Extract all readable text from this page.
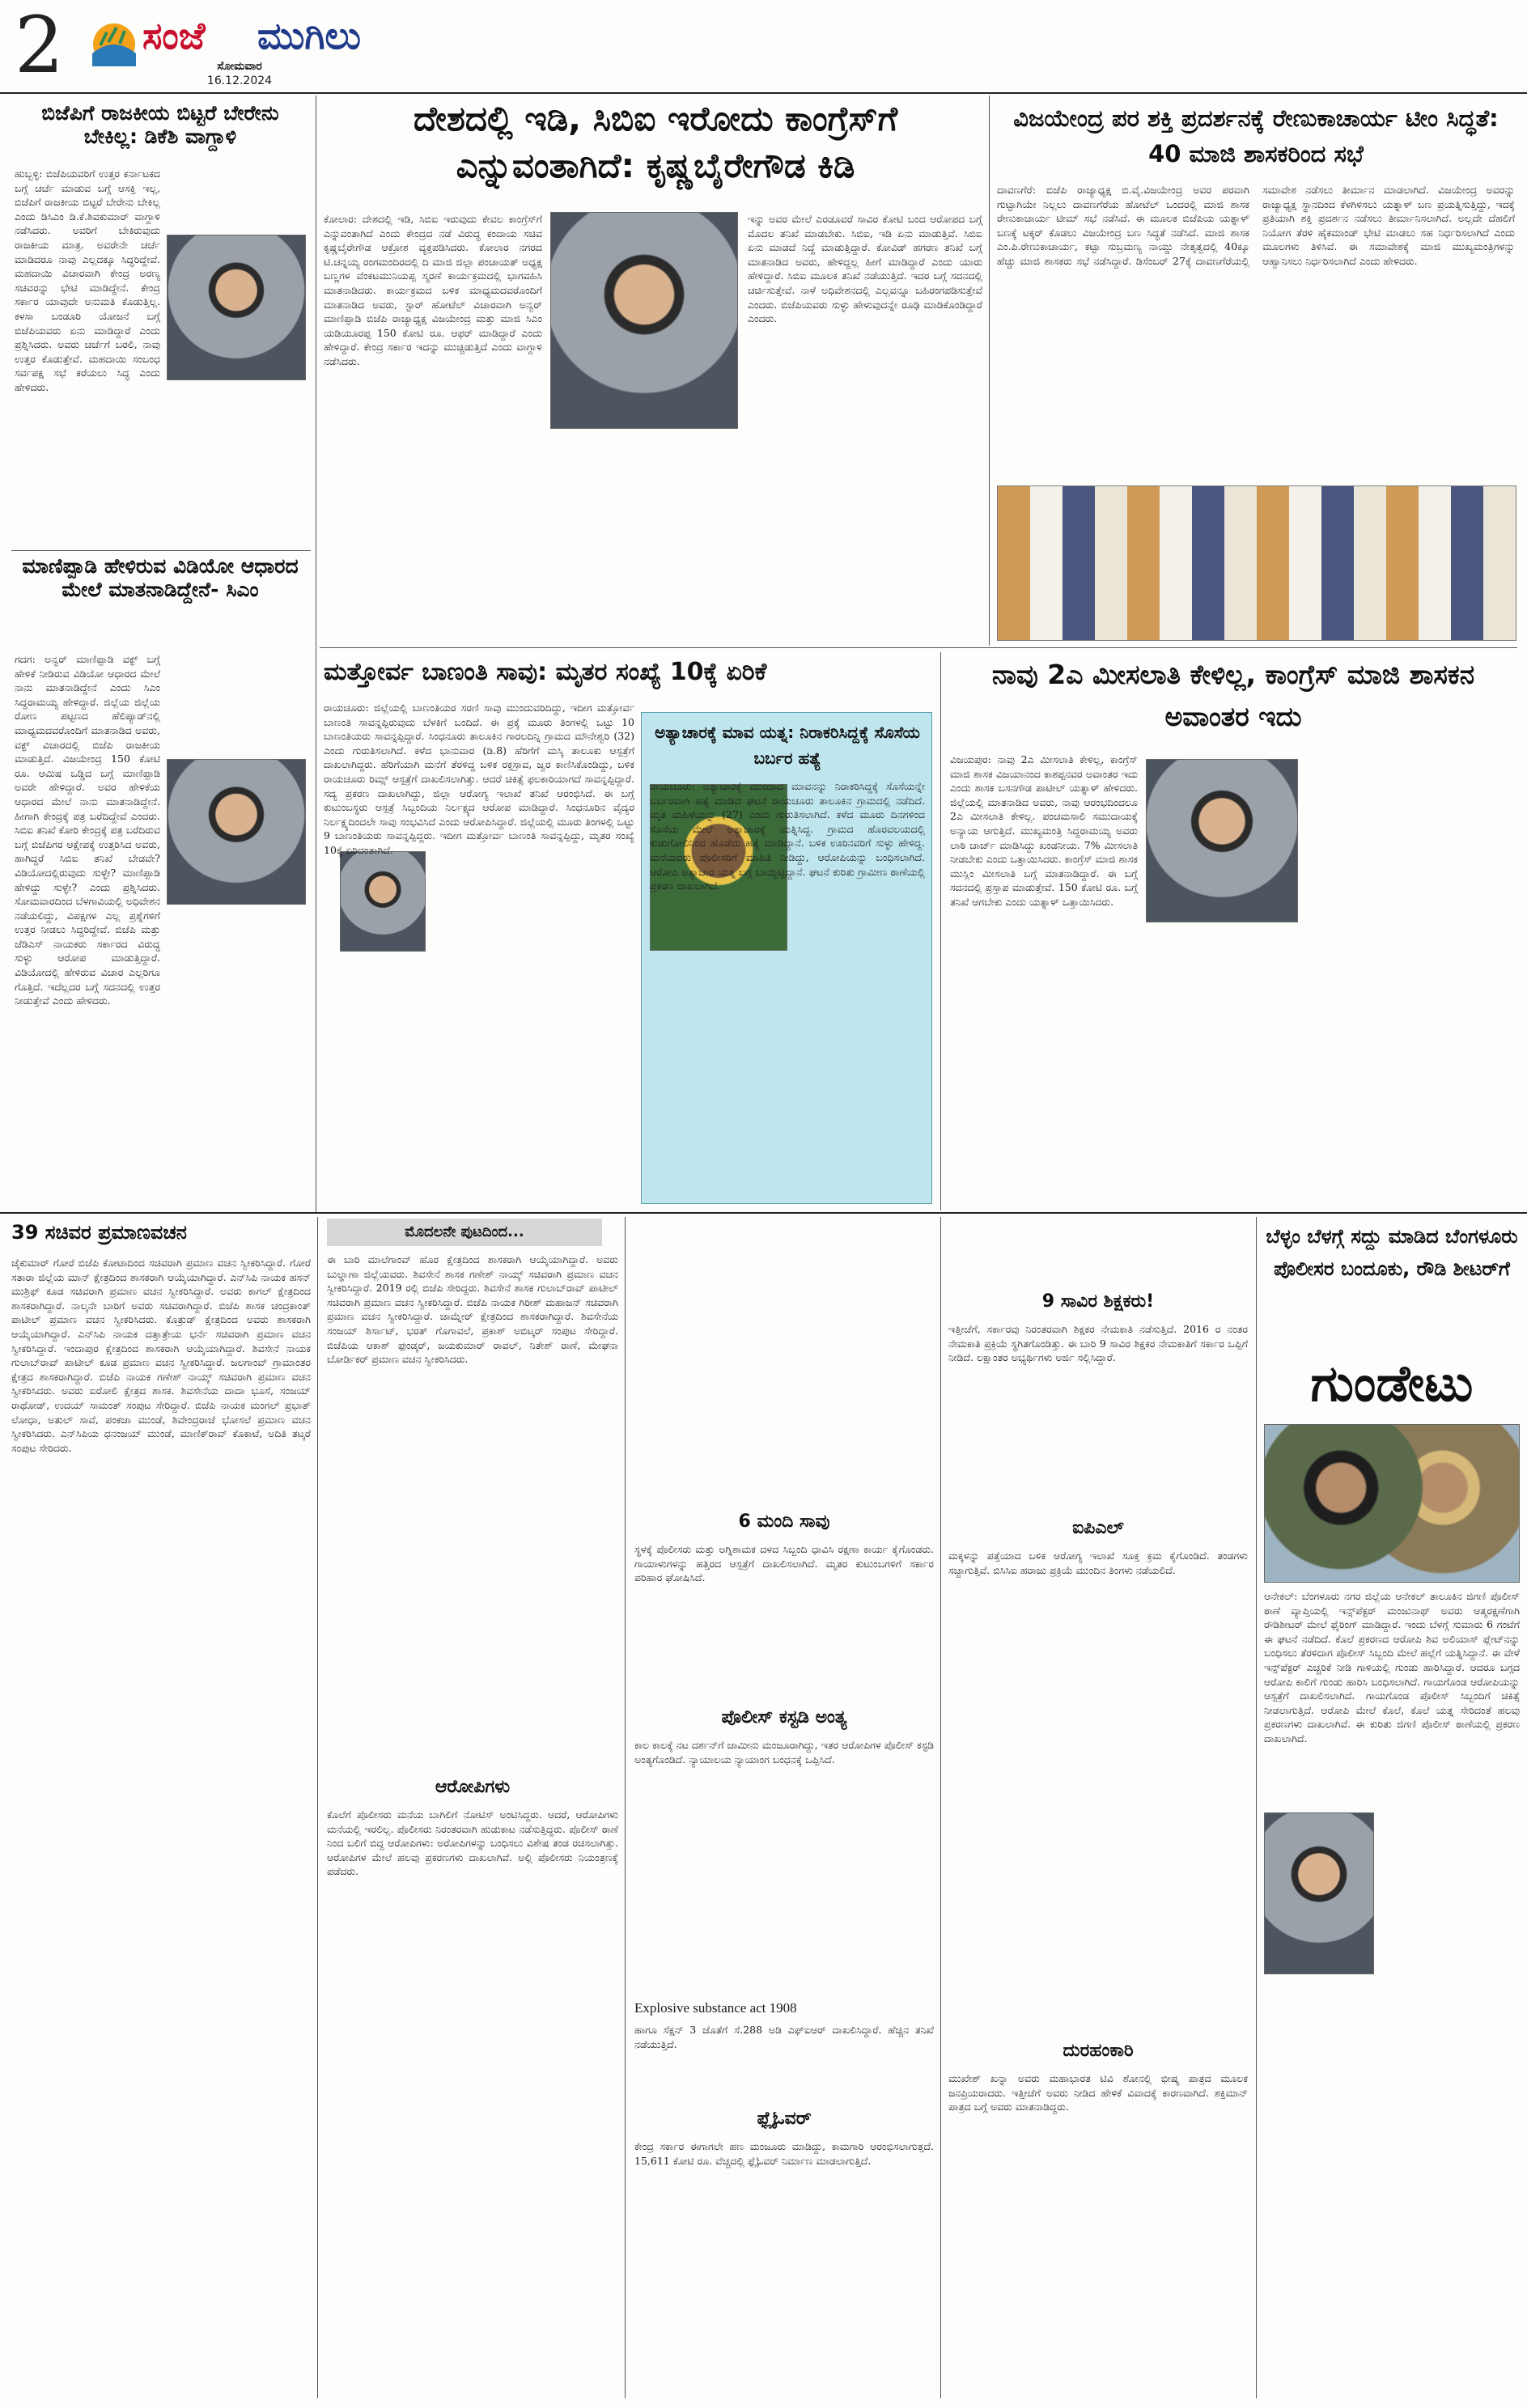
2 ಸಂಜೆ	ಮುಗಿಲು
ಸೋಮವಾರ
16.12.2024
ಬಿಜೆಪಿಗೆ ರಾಜಕೀಯ ಬಿಟ್ಟರೆ ಬೇರೇನು ಬೇಕಿಲ್ಲ: ಡಿಕೆಶಿ ವಾಗ್ದಾಳಿ
ಹುಬ್ಬಳ್ಳಿ: ಬಿಜೆಪಿಯವರಿಗೆ ಉತ್ತರ ಕರ್ನಾಟಕದ ಬಗ್ಗೆ ಚರ್ಚೆ ಮಾಡುವ ಬಗ್ಗೆ ಆಸಕ್ತಿ ಇಲ್ಲ, ಬಿಜೆಪಿಗೆ ರಾಜಕೀಯ ಬಿಟ್ಟರೆ ಬೇರೇನು ಬೇಕಿಲ್ಲ ಎಂದು ಡಿಸಿಎಂ ಡಿ.ಕೆ.ಶಿವಕುಮಾರ್ ವಾಗ್ದಾಳಿ ನಡೆಸಿದರು. ಅವರಿಗೆ ಬೇಕಿರುವುದು ರಾಜಕೀಯ ಮಾತ್ರ. ಅವರೇನೇ ಚರ್ಚೆ ಮಾಡಿದರೂ ನಾವು ಎಲ್ಲದಕ್ಕೂ ಸಿದ್ಧರಿದ್ದೇವೆ. ಮಹದಾಯಿ ವಿಚಾರವಾಗಿ ಕೇಂದ್ರ ಅರಣ್ಯ ಸಚಿವರನ್ನು ಭೇಟಿ ಮಾಡಿದ್ದೇನೆ. ಕೇಂದ್ರ ಸರ್ಕಾರ ಯಾವುದೇ ಅನುಮತಿ ಕೊಡುತ್ತಿಲ್ಲ. ಕಳಸಾ ಬಂಡೂರಿ ಯೋಜನೆ ಬಗ್ಗೆ ಬಿಜೆಪಿಯವರು ಏನು ಮಾಡಿದ್ದಾರೆ ಎಂದು ಪ್ರಶ್ನಿಸಿದರು. ಅವರು ಚರ್ಚೆಗೆ ಬರಲಿ, ನಾವು ಉತ್ತರ ಕೊಡುತ್ತೇವೆ. ಮಹದಾಯಿ ಸಂಬಂಧ ಸರ್ವಪಕ್ಷ ಸಭೆ ಕರೆಯಲು ಸಿದ್ಧ ಎಂದು ಹೇಳಿದರು.
ಮಾಣಿಪ್ಪಾಡಿ ಹೇಳಿರುವ ವಿಡಿಯೋ ಆಧಾರದ ಮೇಲೆ ಮಾತನಾಡಿದ್ದೇನೆ- ಸಿಎಂ
ಗದಗ: ಅನ್ವರ್ ಮಾಣಿಪ್ಪಾಡಿ ವಕ್ಫ್ ಬಗ್ಗೆ ಹೇಳಿಕೆ ನೀಡಿರುವ ವಿಡಿಯೋ ಆಧಾರದ ಮೇಲೆ ನಾನು ಮಾತನಾಡಿದ್ದೇನೆ ಎಂದು ಸಿಎಂ ಸಿದ್ದರಾಮಯ್ಯ ಹೇಳಿದ್ದಾರೆ. ಜಿಲ್ಲೆಯ ಜಿಲ್ಲೆಯ ರೋಣ ಪಟ್ಟಣದ ಹೆಲಿಪ್ಯಾಡ್‌ನಲ್ಲಿ ಮಾಧ್ಯಮದವರೊಂದಿಗೆ ಮಾತನಾಡಿದ ಅವರು, ವಕ್ಫ್ ವಿಚಾರದಲ್ಲಿ ಬಿಜೆಪಿ ರಾಜಕೀಯ ಮಾಡುತ್ತಿದೆ. ವಿಜಯೇಂದ್ರ 150 ಕೋಟಿ ರೂ. ಆಮಿಷ ಒಡ್ಡಿದ ಬಗ್ಗೆ ಮಾಣಿಪ್ಪಾಡಿ ಅವರೇ ಹೇಳಿದ್ದಾರೆ. ಅವರ ಹೇಳಿಕೆಯ ಆಧಾರದ ಮೇಲೆ ನಾನು ಮಾತನಾಡಿದ್ದೇನೆ. ಹೀಗಾಗಿ ಕೇಂದ್ರಕ್ಕೆ ಪತ್ರ ಬರೆದಿದ್ದೇವೆ ಎಂದರು. ಸಿಬಿಐ ತನಿಖೆ ಕೋರಿ ಕೇಂದ್ರಕ್ಕೆ ಪತ್ರ ಬರೆದಿರುವ ಬಗ್ಗೆ ಬಿಜೆಪಿಗರ ಆಕ್ಷೇಪಕ್ಕೆ ಉತ್ತರಿಸಿದ ಅವರು, ಹಾಗಿದ್ದರೆ ಸಿಬಿಐ ತನಿಖೆ ಬೇಡವೇ? ವಿಡಿಯೋದಲ್ಲಿರುವುದು ಸುಳ್ಳೇ? ಮಾಣಿಪ್ಪಾಡಿ ಹೇಳಿದ್ದು ಸುಳ್ಳೇ? ಎಂದು ಪ್ರಶ್ನಿಸಿದರು. ಸೋಮವಾರದಿಂದ ಬೆಳಗಾವಿಯಲ್ಲಿ ಅಧಿವೇಶನ ನಡೆಯಲಿದ್ದು, ವಿಪಕ್ಷಗಳ ಎಲ್ಲ ಪ್ರಶ್ನೆಗಳಿಗೆ ಉತ್ತರ ನೀಡಲು ಸಿದ್ಧರಿದ್ದೇವೆ. ಬಿಜೆಪಿ ಮತ್ತು ಜೆಡಿಎಸ್ ನಾಯಕರು ಸರ್ಕಾರದ ವಿರುದ್ಧ ಸುಳ್ಳು ಆರೋಪ ಮಾಡುತ್ತಿದ್ದಾರೆ. ವಿಡಿಯೋದಲ್ಲಿ ಹೇಳಿರುವ ವಿಚಾರ ಎಲ್ಲರಿಗೂ ಗೊತ್ತಿದೆ. ಇದೆಲ್ಲದರ ಬಗ್ಗೆ ಸದನದಲ್ಲಿ ಉತ್ತರ ನೀಡುತ್ತೇವೆ ಎಂದು ಹೇಳಿದರು.
ದೇಶದಲ್ಲಿ ಇಡಿ, ಸಿಬಿಐ ಇರೋದು ಕಾಂಗ್ರೆಸ್‌ಗೆ ಎನ್ನುವಂತಾಗಿದೆ: ಕೃಷ್ಣಬೈರೇಗೌಡ ಕಿಡಿ
ಕೋಲಾರ: ದೇಶದಲ್ಲಿ ಇಡಿ, ಸಿಬಿಐ ಇರುವುದು ಕೇವಲ ಕಾಂಗ್ರೆಸ್‌ಗೆ ಎನ್ನುವಂತಾಗಿದೆ ಎಂದು ಕೇಂದ್ರದ ನಡೆ ವಿರುದ್ಧ ಕಂದಾಯ ಸಚಿವ ಕೃಷ್ಣಬೈರೇಗೌಡ ಆಕ್ರೋಶ ವ್ಯಕ್ತಪಡಿಸಿದರು. ಕೋಲಾರ ನಗರದ ಟಿ.ಚನ್ನಯ್ಯ ರಂಗಮಂದಿರದಲ್ಲಿ ದಿ ಮಾಜಿ ಜಿಲ್ಲಾ ಪಂಚಾಯತ್ ಅಧ್ಯಕ್ಷ ಬಣ್ಣಗಳ ವೆಂಕಟಮುನಿಯಪ್ಪ ಸ್ಮರಣೆ ಕಾರ್ಯಕ್ರಮದಲ್ಲಿ ಭಾಗವಹಿಸಿ ಮಾತನಾಡಿದರು. ಕಾರ್ಯಕ್ರಮದ ಬಳಿಕ ಮಾಧ್ಯಮದವರೊಂದಿಗೆ ಮಾತನಾಡಿದ ಅವರು, ಸ್ಟಾರ್ ಹೋಟೆಲ್ ವಿಚಾರವಾಗಿ ಅನ್ವರ್ ಮಾಣಿಪ್ಪಾಡಿ ಬಿಜೆಪಿ ರಾಜ್ಯಾಧ್ಯಕ್ಷ ವಿಜಯೇಂದ್ರ ಮತ್ತು ಮಾಜಿ ಸಿಎಂ ಯಡಿಯೂರಪ್ಪ 150 ಕೋಟಿ ರೂ. ಆಫರ್ ಮಾಡಿದ್ದಾರೆ ಎಂದು ಹೇಳಿದ್ದಾರೆ. ಕೇಂದ್ರ ಸರ್ಕಾರ ಇದನ್ನು ಮುಚ್ಚಿಡುತ್ತಿದೆ ಎಂದು ವಾಗ್ದಾಳಿ ನಡೆಸಿದರು.
ಇನ್ನು ಅವರ ಮೇಲೆ ಎರಡೂವರೆ ಸಾವಿರ ಕೋಟಿ ಬಂದ ಆರೋಪದ ಬಗ್ಗೆ ಮೊದಲ ತನಿಖೆ ಮಾಡಬೇಕು. ಸಿಬಿಐ, ಇಡಿ ಏನು ಮಾಡುತ್ತಿವೆ. ಸಿಬಿಐ ಏನು ಮಾಡದೆ ನಿದ್ದೆ ಮಾಡುತ್ತಿದ್ದಾರೆ. ಕೋವಿಡ್ ಹಗರಣ ತನಿಖೆ ಬಗ್ಗೆ ಮಾತನಾಡಿದ ಅವರು, ಹೇಳಿದ್ದಲ್ಲ ಹೀಗೆ ಮಾಡಿದ್ದಾರೆ ಎಂದು ಯಾರು ಹೇಳಿದ್ದಾರೆ. ಸಿಬಿಐ ಮೂಲಕ ತನಿಖೆ ನಡೆಯುತ್ತಿದೆ. ಇದರ ಬಗ್ಗೆ ಸದನದಲ್ಲಿ ಚರ್ಚಿಸುತ್ತೇವೆ. ನಾಳೆ ಅಧಿವೇಶನದಲ್ಲಿ ಎಲ್ಲವನ್ನೂ ಬಹಿರಂಗಪಡಿಸುತ್ತೇವೆ ಎಂದರು. ಬಿಜೆಪಿಯವರು ಸುಳ್ಳು ಹೇಳುವುದನ್ನೇ ರೂಢಿ ಮಾಡಿಕೊಂಡಿದ್ದಾರೆ ಎಂದರು.
ವಿಜಯೇಂದ್ರ ಪರ ಶಕ್ತಿ ಪ್ರದರ್ಶನಕ್ಕೆ ರೇಣುಕಾಚಾರ್ಯ ಟೀಂ ಸಿದ್ಧತೆ: 40 ಮಾಜಿ ಶಾಸಕರಿಂದ ಸಭೆ
ದಾವಣಗೆರೆ: ಬಿಜೆಪಿ ರಾಜ್ಯಾಧ್ಯಕ್ಷ ಬಿ.ವೈ.ವಿಜಯೇಂದ್ರ ಅವರ ಪರವಾಗಿ ಗುಟ್ಟಾಗಿಯೇ ನಿಲ್ಲಲು ದಾವಣಗೆರೆಯ ಹೋಟೆಲ್ ಒಂದರಲ್ಲಿ ಮಾಜಿ ಶಾಸಕ ರೇಣುಕಾಚಾರ್ಯ ಟೀಮ್ ಸಭೆ ನಡೆಸಿದೆ. ಈ ಮೂಲಕ ಬಿಜೆಪಿಯ ಯತ್ನಾಳ್ ಬಣಕ್ಕೆ ಟಕ್ಕರ್ ಕೊಡಲು ವಿಜಯೇಂದ್ರ ಬಣ ಸಿದ್ಧತೆ ನಡೆಸಿದೆ. ಮಾಜಿ ಶಾಸಕ ಎಂ.ಪಿ.ರೇಣುಕಾಚಾರ್ಯ, ಕಟ್ಟಾ ಸುಬ್ರಮಣ್ಯ ನಾಯ್ಡು ನೇತೃತ್ವದಲ್ಲಿ 40ಕ್ಕೂ ಹೆಚ್ಚು ಮಾಜಿ ಶಾಸಕರು ಸಭೆ ನಡೆಸಿದ್ದಾರೆ. ಡಿಸೆಂಬರ್ 27ಕ್ಕೆ ದಾವಣಗೆರೆಯಲ್ಲಿ ಸಮಾವೇಶ ನಡೆಸಲು ತೀರ್ಮಾನ ಮಾಡಲಾಗಿದೆ. ವಿಜಯೇಂದ್ರ ಅವರನ್ನು ರಾಜ್ಯಾಧ್ಯಕ್ಷ ಸ್ಥಾನದಿಂದ ಕೆಳಗಿಳಿಸಲು ಯತ್ನಾಳ್ ಬಣ ಪ್ರಯತ್ನಿಸುತ್ತಿದ್ದು, ಇದಕ್ಕೆ ಪ್ರತಿಯಾಗಿ ಶಕ್ತಿ ಪ್ರದರ್ಶನ ನಡೆಸಲು ತೀರ್ಮಾನಿಸಲಾಗಿದೆ. ಅಲ್ಲದೇ ದೆಹಲಿಗೆ ನಿಯೋಗ ತೆರಳಿ ಹೈಕಮಾಂಡ್ ಭೇಟಿ ಮಾಡಲು ಸಹ ನಿರ್ಧರಿಸಲಾಗಿದೆ ಎಂದು ಮೂಲಗಳು ತಿಳಿಸಿವೆ. ಈ ಸಮಾವೇಶಕ್ಕೆ ಮಾಜಿ ಮುಖ್ಯಮಂತ್ರಿಗಳನ್ನು ಆಹ್ವಾನಿಸಲು ನಿರ್ಧರಿಸಲಾಗಿದೆ ಎಂದು ಹೇಳಿದರು.
ಮತ್ತೋರ್ವ ಬಾಣಂತಿ ಸಾವು: ಮೃತರ ಸಂಖ್ಯೆ 10ಕ್ಕೆ ಏರಿಕೆ
ರಾಯಚೂರು: ಜಿಲ್ಲೆಯಲ್ಲಿ ಬಾಣಂತಿಯರ ಸರಣಿ ಸಾವು ಮುಂದುವರಿದಿದ್ದು, ಇದೀಗ ಮತ್ತೋರ್ವ ಬಾಣಂತಿ ಸಾವನ್ನಪ್ಪಿರುವುದು ಬೆಳಕಿಗೆ ಬಂದಿದೆ. ಈ ಪ್ರಕ್ಕೆ ಮೂರು ತಿಂಗಳಲ್ಲಿ ಒಟ್ಟು 10 ಬಾಣಂತಿಯರು ಸಾವನ್ನಪ್ಪಿದ್ದಾರೆ. ಸಿಂಧನೂರು ತಾಲೂಕಿನ ಗಾರಲದಿನ್ನಿ ಗ್ರಾಮದ ಮೌನೇಶ್ವರಿ (32) ಎಂದು ಗುರುತಿಸಲಾಗಿದೆ. ಕಳೆದ ಭಾನುವಾರ (ಡಿ.8) ಹೆರಿಗೆಗೆ ಮಸ್ಕಿ ತಾಲೂಕು ಆಸ್ಪತ್ರೆಗೆ ದಾಖಲಾಗಿದ್ದರು. ಹೆರಿಗೆಯಾಗಿ ಮನೆಗೆ ತೆರಳಿದ್ದ ಬಳಿಕ ರಕ್ತಸ್ರಾವ, ಜ್ವರ ಕಾಣಿಸಿಕೊಂಡಿದ್ದು, ಬಳಿಕ ರಾಯಚೂರು ರಿಮ್ಸ್ ಆಸ್ಪತ್ರೆಗೆ ದಾಖಲಿಸಲಾಗಿತ್ತು. ಆದರೆ ಚಿಕಿತ್ಸೆ ಫಲಕಾರಿಯಾಗದೆ ಸಾವನ್ನಪ್ಪಿದ್ದಾರೆ. ಸದ್ಯ ಪ್ರಕರಣ ದಾಖಲಾಗಿದ್ದು, ಜಿಲ್ಲಾ ಆರೋಗ್ಯ ಇಲಾಖೆ ತನಿಖೆ ಆರಂಭಿಸಿದೆ. ಈ ಬಗ್ಗೆ ಕುಟುಂಬಸ್ಥರು ಆಸ್ಪತ್ರೆ ಸಿಬ್ಬಂದಿಯ ನಿರ್ಲಕ್ಷ್ಯದ ಆರೋಪ ಮಾಡಿದ್ದಾರೆ. ಸಿಂಧನೂರಿನ ವೈದ್ಯರ ನಿರ್ಲಕ್ಷ್ಯದಿಂದಲೇ ಸಾವು ಸಂಭವಿಸಿದೆ ಎಂದು ಆರೋಪಿಸಿದ್ದಾರೆ. ಜಿಲ್ಲೆಯಲ್ಲಿ ಮೂರು ತಿಂಗಳಲ್ಲಿ ಒಟ್ಟು 9 ಬಾಣಂತಿಯರು ಸಾವನ್ನಪ್ಪಿದ್ದರು. ಇದೀಗ ಮತ್ತೋರ್ವ ಬಾಣಂತಿ ಸಾವನ್ನಪ್ಪಿದ್ದು, ಮೃತರ ಸಂಖ್ಯೆ 10ಕ್ಕೆ ಏರಿದಂತಾಗಿದೆ.
ಅತ್ಯಾಚಾರಕ್ಕೆ ಮಾವ ಯತ್ನ: ನಿರಾಕರಿಸಿದ್ದಕ್ಕೆ ಸೊಸೆಯ ಬರ್ಬರ ಹತ್ಯೆ
ರಾಯಚೂರು: ಅತ್ಯಾಚಾರಕ್ಕೆ ಮುಂದಾದ ಮಾವನನ್ನು ನಿರಾಕರಿಸಿದ್ದಕ್ಕೆ ಸೊಸೆಯನ್ನೇ ಬರ್ಬರವಾಗಿ ಹತ್ಯೆ ಮಾಡಿದ ಘಟನೆ ರಾಯಚೂರು ತಾಲೂಕಿನ ಗ್ರಾಮದಲ್ಲಿ ನಡೆದಿದೆ. ಮೃತ ಮಹಿಳೆಯನ್ನು (27) ಎಂದು ಗುರುತಿಸಲಾಗಿದೆ. ಕಳೆದ ಮೂರು ದಿನಗಳಿಂದ ಸೊಸೆಯ ಮೇಲೆ ಅತ್ಯಾಚಾರಕ್ಕೆ ಯತ್ನಿಸಿದ್ದ. ಗ್ರಾಮದ ಹೊರವಲಯದಲ್ಲಿ ಕುಡುಗೋಲಿನಿಂದ ಹೊಡೆದು ಹತ್ಯೆ ಮಾಡಿದ್ದಾನೆ. ಬಳಿಕ ಊರಿನವರಿಗೆ ಸುಳ್ಳು ಹೇಳಿದ್ದ. ಮನೆಯವರು ಪೊಲೀಸರಿಗೆ ಮಾಹಿತಿ ನೀಡಿದ್ದು, ಆರೋಪಿಯನ್ನು ಬಂಧಿಸಲಾಗಿದೆ. ಆರೋಪಿ ಅತ್ಯಾಚಾರ ಯತ್ನ ಬಗ್ಗೆ ಬಾಯ್ಬಿಟ್ಟಿದ್ದಾನೆ. ಘಟನೆ ಕುರಿತು ಗ್ರಾಮೀಣ ಠಾಣೆಯಲ್ಲಿ ಪ್ರಕರಣ ದಾಖಲಾಗಿದೆ.
ನಾವು 2ಎ ಮೀಸಲಾತಿ ಕೇಳಿಲ್ಲ, ಕಾಂಗ್ರೆಸ್ ಮಾಜಿ ಶಾಸಕನ ಅವಾಂತರ ಇದು
ವಿಜಯಪುರ: ನಾವು 2ಎ ಮೀಸಲಾತಿ ಕೇಳಿಲ್ಲ, ಕಾಂಗ್ರೆಸ್ ಮಾಜಿ ಶಾಸಕ ವಿಜಯಾನಂದ ಕಾಶಪ್ಪನವರ ಅವಾಂತರ ಇದು ಎಂದು ಶಾಸಕ ಬಸನಗೌಡ ಪಾಟೀಲ್ ಯತ್ನಾಳ್ ಹೇಳಿದರು. ಜಿಲ್ಲೆಯಲ್ಲಿ ಮಾತನಾಡಿದ ಅವರು, ನಾವು ಆರಂಭದಿಂದಲೂ 2ಎ ಮೀಸಲಾತಿ ಕೇಳಿಲ್ಲ. ಪಂಚಮಸಾಲಿ ಸಮುದಾಯಕ್ಕೆ ಅನ್ಯಾಯ ಆಗುತ್ತಿದೆ. ಮುಖ್ಯಮಂತ್ರಿ ಸಿದ್ದರಾಮಯ್ಯ ಅವರು ಲಾಠಿ ಚಾರ್ಜ್ ಮಾಡಿಸಿದ್ದು ಖಂಡನೀಯ. 7% ಮೀಸಲಾತಿ ನೀಡಬೇಕು ಎಂದು ಒತ್ತಾಯಿಸಿದರು. ಕಾಂಗ್ರೆಸ್ ಮಾಜಿ ಶಾಸಕ ಮುಸ್ಲಿಂ ಮೀಸಲಾತಿ ಬಗ್ಗೆ ಮಾತನಾಡಿದ್ದಾರೆ. ಈ ಬಗ್ಗೆ ಸದನದಲ್ಲಿ ಪ್ರಸ್ತಾಪ ಮಾಡುತ್ತೇವೆ. 150 ಕೋಟಿ ರೂ. ಬಗ್ಗೆ ತನಿಖೆ ಆಗಬೇಕು ಎಂದು ಯತ್ನಾಳ್ ಒತ್ತಾಯಿಸಿದರು.
39 ಸಚಿವರ ಪ್ರಮಾಣವಚನ
ಜೈಕುಮಾರ್ ಗೋರೆ ಬಿಜೆಪಿ ಕೋಟಾದಿಂದ ಸಚಿವರಾಗಿ ಪ್ರಮಾಣ ವಚನ ಸ್ವೀಕರಿಸಿದ್ದಾರೆ. ಗೋರೆ ಸತಾರಾ ಜಿಲ್ಲೆಯ ಮಾನ್ ಕ್ಷೇತ್ರದಿಂದ ಶಾಸಕರಾಗಿ ಆಯ್ಕೆಯಾಗಿದ್ದಾರೆ. ಎನ್‌ಸಿಪಿ ನಾಯಕ ಹಸನ್ ಮುಶ್ರಿಫ್ ಕೂಡ ಸಚಿವರಾಗಿ ಪ್ರಮಾಣ ವಚನ ಸ್ವೀಕರಿಸಿದ್ದಾರೆ. ಅವರು ಕಾಗಲ್ ಕ್ಷೇತ್ರದಿಂದ ಶಾಸಕರಾಗಿದ್ದಾರೆ. ನಾಲ್ಕನೇ ಬಾರಿಗೆ ಅವರು ಸಚಿವರಾಗಿದ್ದಾರೆ. ಬಿಜೆಪಿ ಶಾಸಕ ಚಂದ್ರಕಾಂತ್ ಪಾಟೀಲ್ ಪ್ರಮಾಣ ವಚನ ಸ್ವೀಕರಿಸಿದರು. ಕೊತ್ರುಡ್ ಕ್ಷೇತ್ರದಿಂದ ಅವರು ಶಾಸಕರಾಗಿ ಆಯ್ಕೆಯಾಗಿದ್ದಾರೆ. ಎನ್‌ಸಿಪಿ ನಾಯಕ ದತ್ತಾತ್ರೇಯ ಭರ್ನೆ ಸಚಿವರಾಗಿ ಪ್ರಮಾಣ ವಚನ ಸ್ವೀಕರಿಸಿದ್ದಾರೆ. ಇಂದಾಪುರ ಕ್ಷೇತ್ರದಿಂದ ಶಾಸಕರಾಗಿ ಆಯ್ಕೆಯಾಗಿದ್ದಾರೆ. ಶಿವಸೇನೆ ನಾಯಕ ಗುಲಾಬ್‌ರಾವ್ ಪಾಟೀಲ್ ಕೂಡ ಪ್ರಮಾಣ ವಚನ ಸ್ವೀಕರಿಸಿದ್ದಾರೆ. ಜಲಗಾಂವ್ ಗ್ರಾಮಾಂತರ ಕ್ಷೇತ್ರದ ಶಾಸಕರಾಗಿದ್ದಾರೆ. ಬಿಜೆಪಿ ನಾಯಕ ಗಣೇಶ್ ನಾಯ್ಕ್ ಸಚಿವರಾಗಿ ಪ್ರಮಾಣ ವಚನ ಸ್ವೀಕರಿಸಿದರು. ಅವರು ಐರೋಲಿ ಕ್ಷೇತ್ರದ ಶಾಸಕ. ಶಿವಸೇನೆಯ ದಾದಾ ಭೂಸೆ, ಸಂಜಯ್ ರಾಥೋಡ್, ಉದಯ್ ಸಾಮಂತ್ ಸಂಪುಟ ಸೇರಿದ್ದಾರೆ. ಬಿಜೆಪಿ ನಾಯಕ ಮಂಗಲ್ ಪ್ರಭಾತ್ ಲೋಧಾ, ಅತುಲ್ ಸಾವೆ, ಪಂಕಜಾ ಮುಂಡೆ, ಶಿವೇಂದ್ರರಾಜೆ ಭೋಸಲೆ ಪ್ರಮಾಣ ವಚನ ಸ್ವೀಕರಿಸಿದರು. ಎನ್‌ಸಿಪಿಯ ಧನಂಜಯ್ ಮುಂಡೆ, ಮಾಣಿಕ್‌ರಾವ್ ಕೊಕಾಟೆ, ಅದಿತಿ ತಟ್ಕರೆ ಸಂಪುಟ ಸೇರಿದರು.
ಮೊದಲನೇ ಪುಟದಿಂದ...
ಈ ಬಾರಿ ಮಾಲೆಗಾಂವ್ ಹೊರ ಕ್ಷೇತ್ರದಿಂದ ಶಾಸಕರಾಗಿ ಆಯ್ಕೆಯಾಗಿದ್ದಾರೆ. ಅವರು ಬುಲ್ಢಾಣಾ ಜಿಲ್ಲೆಯವರು. ಶಿವಸೇನೆ ಶಾಸಕ ಗಣೇಶ್ ನಾಯ್ಕ್ ಸಚಿವರಾಗಿ ಪ್ರಮಾಣ ವಚನ ಸ್ವೀಕರಿಸಿದ್ದಾರೆ. 2019 ರಲ್ಲಿ ಬಿಜೆಪಿ ಸೇರಿದ್ದರು. ಶಿವಸೇನೆ ಶಾಸಕ ಗುಲಾಬ್‌ರಾವ್ ಪಾಟೀಲ್ ಸಚಿವರಾಗಿ ಪ್ರಮಾಣ ವಚನ ಸ್ವೀಕರಿಸಿದ್ದಾರೆ. ಬಿಜೆಪಿ ನಾಯಕ ಗಿರೀಶ್ ಮಹಾಜನ್ ಸಚಿವರಾಗಿ ಪ್ರಮಾಣ ವಚನ ಸ್ವೀಕರಿಸಿದ್ದಾರೆ. ಜಾಮ್ನೇರ್ ಕ್ಷೇತ್ರದಿಂದ ಶಾಸಕರಾಗಿದ್ದಾರೆ. ಶಿವಸೇನೆಯ ಸಂಜಯ್ ಶಿರ್ಸಾಟ್, ಭರತ್ ಗೊಗಾವಲೆ, ಪ್ರಕಾಶ್ ಅಬಿಟ್ಕರ್ ಸಂಪುಟ ಸೇರಿದ್ದಾರೆ. ಬಿಜೆಪಿಯ ಆಕಾಶ್ ಫುಂಡ್ಕರ್, ಜಯಕುಮಾರ್ ರಾವಲ್, ನಿತೇಶ್ ರಾಣೆ, ಮೇಘನಾ ಬೋರ್ಡಿಕರ್ ಪ್ರಮಾಣ ವಚನ ಸ್ವೀಕರಿಸಿದರು.
ಆರೋಪಿಗಳು
ಕೊಲೆಗೆ ಪೊಲೀಸರು ಮನೆಯ ಬಾಗಿಲಿಗೆ ನೋಟಿಸ್ ಅಂಟಿಸಿದ್ದರು. ಆದರೆ, ಆರೋಪಿಗಳು ಮನೆಯಲ್ಲಿ ಇರಲಿಲ್ಲ. ಪೊಲೀಸರು ನಿರಂತರವಾಗಿ ಹುಡುಕಾಟ ನಡೆಸುತ್ತಿದ್ದರು. ಪೊಲೀಸ್ ಠಾಣೆ ನಿಂದ ಬಲಿಗೆ ಬಿದ್ದ ಆರೋಪಿಗಳು: ಅರೋಪಿಗಳನ್ನು ಬಂಧಿಸಲು ವಿಶೇಷ ತಂಡ ರಚಿಸಲಾಗಿತ್ತು. ಆರೋಪಿಗಳ ಮೇಲೆ ಹಲವು ಪ್ರಕರಣಗಳು ದಾಖಲಾಗಿವೆ. ಅಲ್ಲಿ ಪೊಲೀಸರು ನಿಯಂತ್ರಣಕ್ಕೆ ಪಡೆದರು.
6 ಮಂದಿ ಸಾವು
ಸ್ಥಳಕ್ಕೆ ಪೊಲೀಸರು ಮತ್ತು ಅಗ್ನಿಶಾಮಕ ದಳದ ಸಿಬ್ಬಂದಿ ಧಾವಿಸಿ ರಕ್ಷಣಾ ಕಾರ್ಯ ಕೈಗೊಂಡರು. ಗಾಯಾಳುಗಳನ್ನು ಹತ್ತಿರದ ಆಸ್ಪತ್ರೆಗೆ ದಾಖಲಿಸಲಾಗಿದೆ. ಮೃತರ ಕುಟುಂಬಗಳಿಗೆ ಸರ್ಕಾರ ಪರಿಹಾರ ಘೋಷಿಸಿದೆ.
ಪೊಲೀಸ್ ಕಸ್ಟಡಿ ಅಂತ್ಯ
ಕಾಲ ಕಾಲಕ್ಕೆ ನಟ ದರ್ಶನ್‌ಗೆ ಜಾಮೀನು ಮಂಜೂರಾಗಿದ್ದು, ಇತರ ಆರೋಪಿಗಳ ಪೊಲೀಸ್ ಕಸ್ಟಡಿ ಅಂತ್ಯಗೊಂಡಿದೆ. ನ್ಯಾಯಾಲಯ ನ್ಯಾಯಾಂಗ ಬಂಧನಕ್ಕೆ ಒಪ್ಪಿಸಿದೆ.
Explosive substance act 1908
ಹಾಗೂ ಸೆಕ್ಷನ್ 3 ಜೊತೆಗೆ ಸೆ.288 ಅಡಿ ಎಫ್‌ಐಆರ್ ದಾಖಲಿಸಿದ್ದಾರೆ. ಹೆಚ್ಚಿನ ತನಿಖೆ ನಡೆಯುತ್ತಿದೆ.
ಫ್ಲೈಓವರ್
ಕೇಂದ್ರ ಸರ್ಕಾರ ಈಗಾಗಲೇ ಹಣ ಮಂಜೂರು ಮಾಡಿದ್ದು, ಕಾಮಗಾರಿ ಆರಂಭಿಸಲಾಗುತ್ತದೆ. 15,611 ಕೋಟಿ ರೂ. ವೆಚ್ಚದಲ್ಲಿ ಫ್ಲೈಓವರ್ ನಿರ್ಮಾಣ ಮಾಡಲಾಗುತ್ತಿದೆ.
9 ಸಾವಿರ ಶಿಕ್ಷಕರು!
ಇತ್ತೀಚೆಗೆ, ಸರ್ಕಾರವು ನಿರಂತರವಾಗಿ ಶಿಕ್ಷಕರ ನೇಮಕಾತಿ ನಡೆಸುತ್ತಿದೆ. 2016 ರ ನಂತರ ನೇಮಕಾತಿ ಪ್ರಕ್ರಿಯೆ ಸ್ಥಗಿತಗೊಂಡಿತ್ತು. ಈ ಬಾರಿ 9 ಸಾವಿರ ಶಿಕ್ಷಕರ ನೇಮಕಾತಿಗೆ ಸರ್ಕಾರ ಒಪ್ಪಿಗೆ ನೀಡಿದೆ. ಲಕ್ಷಾಂತರ ಅಭ್ಯರ್ಥಿಗಳು ಅರ್ಜಿ ಸಲ್ಲಿಸಿದ್ದಾರೆ.
ಐಪಿಎಲ್
ಮಕ್ಕಳನ್ನು ಪತ್ತೆಯಾದ ಬಳಿಕ ಆರೋಗ್ಯ ಇಲಾಖೆ ಸೂಕ್ತ ಕ್ರಮ ಕೈಗೊಂಡಿದೆ. ತಂಡಗಳು ಸಜ್ಜಾಗುತ್ತಿವೆ. ಬಿಸಿಸಿಐ ಹರಾಜು ಪ್ರಕ್ರಿಯೆ ಮುಂದಿನ ತಿಂಗಳು ನಡೆಯಲಿದೆ.
ದುರಹಂಕಾರಿ
ಮುಖೇಶ್ ಖನ್ನಾ ಅವರು ಮಹಾಭಾರತ ಟಿವಿ ಶೋನಲ್ಲಿ ಭೀಷ್ಮ ಪಾತ್ರದ ಮೂಲಕ ಜನಪ್ರಿಯರಾದರು. ಇತ್ತೀಚೆಗೆ ಅವರು ನೀಡಿದ ಹೇಳಿಕೆ ವಿವಾದಕ್ಕೆ ಕಾರಣವಾಗಿದೆ. ಶಕ್ತಿಮಾನ್ ಪಾತ್ರದ ಬಗ್ಗೆ ಅವರು ಮಾತನಾಡಿದ್ದರು.
ಬೆಳ್ಳಂ ಬೆಳಗ್ಗೆ ಸದ್ದು ಮಾಡಿದ ಬೆಂಗಳೂರು ಪೊಲೀಸರ ಬಂದೂಕು, ರೌಡಿ ಶೀಟರ್‌ಗೆ
ಗುಂಡೇಟು
ಆನೇಕಲ್: ಬೆಂಗಳೂರು ನಗರ ಜಿಲ್ಲೆಯ ಆನೇಕಲ್ ತಾಲೂಕಿನ ಜಿಗಣಿ ಪೊಲೀಸ್ ಠಾಣೆ ವ್ಯಾಪ್ತಿಯಲ್ಲಿ ಇನ್ಸ್‌ಪೆಕ್ಟರ್ ಮಂಜುನಾಥ್ ಅವರು ಆತ್ಮರಕ್ಷಣೆಗಾಗಿ ರೌಡಿಶೀಟರ್ ಮೇಲೆ ಫೈರಿಂಗ್ ಮಾಡಿದ್ದಾರೆ. ಇಂದು ಬೆಳಗ್ಗೆ ಸುಮಾರು 6 ಗಂಟೆಗೆ ಈ ಘಟನೆ ನಡೆದಿದೆ. ಕೊಲೆ ಪ್ರಕರಣದ ಆರೋಪಿ ಶಿವ ಅಲಿಯಾಸ್ ಪ್ಲೇಟ್‌ನನ್ನು ಬಂಧಿಸಲು ತೆರಳಿದಾಗ ಪೊಲೀಸ್ ಸಿಬ್ಬಂದಿ ಮೇಲೆ ಹಲ್ಲೆಗೆ ಯತ್ನಿಸಿದ್ದಾನೆ. ಈ ವೇಳೆ ಇನ್ಸ್‌ಪೆಕ್ಟರ್ ಎಚ್ಚರಿಕೆ ನೀಡಿ ಗಾಳಿಯಲ್ಲಿ ಗುಂಡು ಹಾರಿಸಿದ್ದಾರೆ. ಆದರೂ ಬಗ್ಗದ ಆರೋಪಿ ಕಾಲಿಗೆ ಗುಂಡು ಹಾರಿಸಿ ಬಂಧಿಸಲಾಗಿದೆ. ಗಾಯಗೊಂಡ ಆರೋಪಿಯನ್ನು ಆಸ್ಪತ್ರೆಗೆ ದಾಖಲಿಸಲಾಗಿದೆ. ಗಾಯಗೊಂಡ ಪೊಲೀಸ್ ಸಿಬ್ಬಂದಿಗೆ ಚಿಕಿತ್ಸೆ ನೀಡಲಾಗುತ್ತಿದೆ. ಆರೋಪಿ ಮೇಲೆ ಕೊಲೆ, ಕೊಲೆ ಯತ್ನ ಸೇರಿದಂತೆ ಹಲವು ಪ್ರಕರಣಗಳು ದಾಖಲಾಗಿವೆ. ಈ ಕುರಿತು ಜಿಗಣಿ ಪೊಲೀಸ್ ಠಾಣೆಯಲ್ಲಿ ಪ್ರಕರಣ ದಾಖಲಾಗಿದೆ.
